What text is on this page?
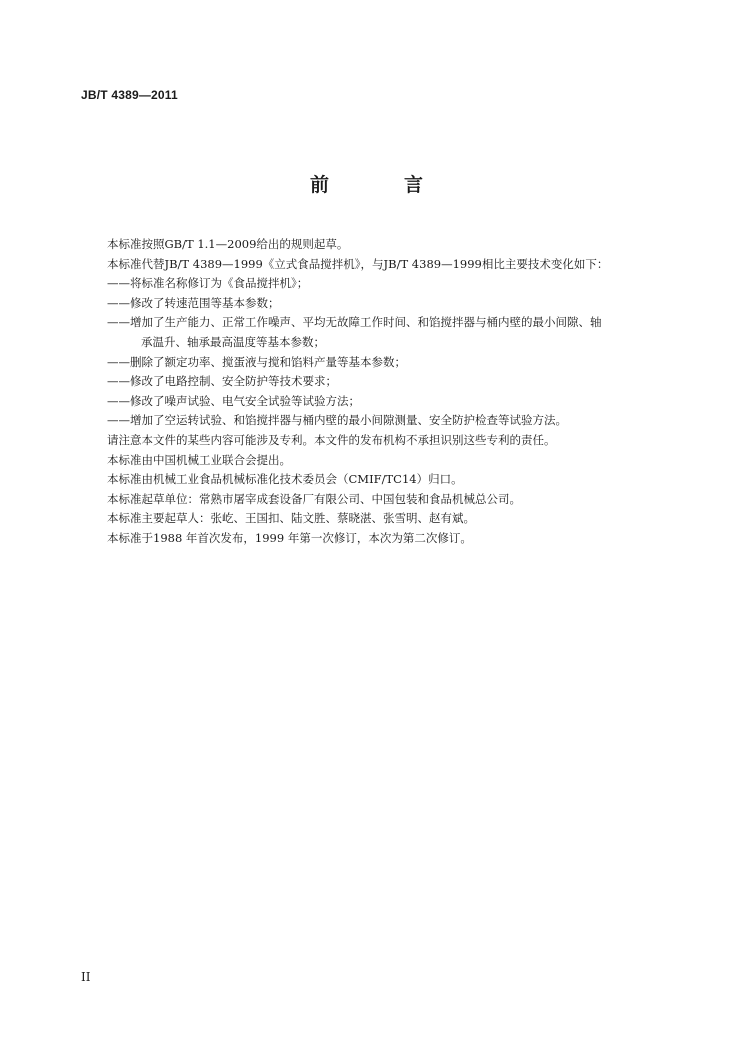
JB/T 4389—2011
前　言

本标准按照GB/T 1.1—2009给出的规则起草。

本标准代替JB/T 4389—1999《立式食品搅拌机》，与JB/T 4389—1999相比主要技术变化如下：

——将标准名称修订为《食品搅拌机》；

——修改了转速范围等基本参数；

——增加了生产能力、正常工作噪声、平均无故障工作时间、和馅搅拌器与桶内壁的最小间隙、轴

承温升、轴承最高温度等基本参数；

——删除了额定功率、搅蛋液与搅和馅料产量等基本参数；

——修改了电路控制、安全防护等技术要求；

——修改了噪声试验、电气安全试验等试验方法；

——增加了空运转试验、和馅搅拌器与桶内壁的最小间隙测量、安全防护检查等试验方法。

请注意本文件的某些内容可能涉及专利。本文件的发布机构不承担识别这些专利的责任。

本标准由中国机械工业联合会提出。

本标准由机械工业食品机械标准化技术委员会（CMIF/TC14）归口。

本标准起草单位：常熟市屠宰成套设备厂有限公司、中国包装和食品机械总公司。

本标准主要起草人：张屹、王国扣、陆文胜、蔡晓湛、张雪明、赵有斌。

本标准于1988 年首次发布，1999 年第一次修订，本次为第二次修订。

II
